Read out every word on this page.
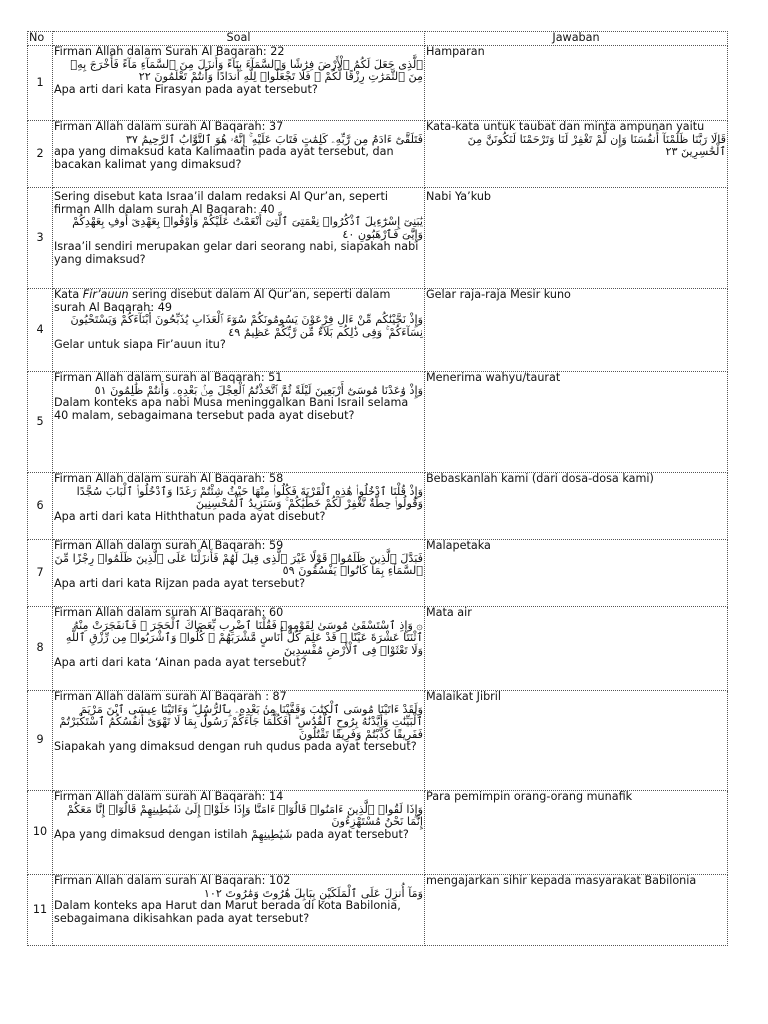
No	Soal	Jawaban
1	Firman Allah dalam Surah Al Baqarah: 22
ٱلَّذِى جَعَلَ لَكُمُ ٱلْأَرْضَ فِرَٰشًا وَٱلسَّمَآءَ بِنَآءً وَأَنزَلَ مِنَ ٱلسَّمَآءِ مَآءً فَأَخْرَجَ بِهِۦ مِنَ ٱلثَّمَرَٰتِ رِزْقًا لَّكُمْ ۖ فَلَا تَجْعَلُوا۟ لِلَّهِ أَندَادًا وَأَنتُمْ تَعْلَمُونَ ٢٢
Apa arti dari kata Firasyan pada ayat tersebut?	Hamparan

2	Firman Allah dalam surah Al Baqarah: 37
فَتَلَقَّىٰٓ ءَادَمُ مِن رَّبِّهِۦ كَلِمَٰتٍ فَتَابَ عَلَيْهِ ۚ إِنَّهُۥ هُوَ ٱلتَّوَّابُ ٱلرَّحِيمُ ٣٧
apa yang dimaksud kata Kalimaatin pada ayat tersebut, dan bacakan kalimat yang dimaksud?	Kata-kata untuk taubat dan minta ampunan yaitu
قَالَا رَبَّنَا ظَلَمْنَآ أَنفُسَنَا وَإِن لَّمْ تَغْفِرْ لَنَا وَتَرْحَمْنَا لَنَكُونَنَّ مِنَ ٱلْخَٰسِرِينَ ٢٣

3	Sering disebut kata Israa’il dalam redaksi Al Qur’an, seperti firman Allh dalam surah Al Baqarah: 40
يَٰبَنِىٓ إِسْرَٰٓءِيلَ ٱذْكُرُوا۟ نِعْمَتِىَ ٱلَّتِىٓ أَنْعَمْتُ عَلَيْكُمْ وَأَوْفُوا۟ بِعَهْدِىٓ أُوفِ بِعَهْدِكُمْ وَإِيَّٰىَ فَٱرْهَبُونِ ٤٠
Israa’il sendiri merupakan gelar dari seorang nabi, siapakah nabi yang dimaksud?	Nabi Ya’kub

4	Kata Fir’auun sering disebut dalam Al Qur’an, seperti dalam surah Al Baqarah: 49
وَإِذْ نَجَّيْنَٰكُم مِّنْ ءَالِ فِرْعَوْنَ يَسُومُونَكُمْ سُوٓءَ ٱلْعَذَابِ يُذَبِّحُونَ أَبْنَآءَكُمْ وَيَسْتَحْيُونَ نِسَآءَكُمْ ۚ وَفِى ذَٰلِكُم بَلَآءٌ مِّن رَّبِّكُمْ عَظِيمٌ ٤٩
Gelar untuk siapa Fir’auun itu?	Gelar raja-raja Mesir kuno

5	Firman Allah dalam surah al Baqarah: 51
وَإِذْ وَٰعَدْنَا مُوسَىٰٓ أَرْبَعِينَ لَيْلَةً ثُمَّ ٱتَّخَذْتُمُ ٱلْعِجْلَ مِنۢ بَعْدِهِۦ وَأَنتُمْ ظَٰلِمُونَ ٥١
Dalam konteks apa nabi Musa meninggalkan Bani Israil selama 40 malam, sebagaimana tersebut pada ayat disebut?	Menerima wahyu/taurat

6	Firman Allah dalam surah Al Baqarah: 58
وَإِذْ قُلْنَا ٱدْخُلُوا۟ هَٰذِهِ ٱلْقَرْيَةَ فَكُلُوا۟ مِنْهَا حَيْثُ شِئْتُمْ رَغَدًا وَٱدْخُلُوا۟ ٱلْبَابَ سُجَّدًا وَقُولُوا۟ حِطَّةٌ نَّغْفِرْ لَكُمْ خَطَٰيَٰكُمْ ۚ وَسَنَزِيدُ ٱلْمُحْسِنِينَ
Apa arti dari kata Hiththatun pada ayat disebut?	Bebaskanlah kami (dari dosa-dosa kami)

7	Firman Allah dalam surah Al Baqarah: 59
فَبَدَّلَ ٱلَّذِينَ ظَلَمُوا۟ قَوْلًا غَيْرَ ٱلَّذِى قِيلَ لَهُمْ فَأَنزَلْنَا عَلَى ٱلَّذِينَ ظَلَمُوا۟ رِجْزًا مِّنَ ٱلسَّمَآءِ بِمَا كَانُوا۟ يَفْسُقُونَ ٥٩
Apa arti dari kata Rijzan pada ayat tersebut?	Malapetaka

8	Firman Allah dalam surah Al Baqarah: 60
۞ وَإِذِ ٱسْتَسْقَىٰ مُوسَىٰ لِقَوْمِهِۦ فَقُلْنَا ٱضْرِب بِّعَصَاكَ ٱلْحَجَرَ ۖ فَٱنفَجَرَتْ مِنْهُ ٱثْنَتَا عَشْرَةَ عَيْنًا ۖ قَدْ عَلِمَ كُلُّ أُنَاسٍ مَّشْرَبَهُمْ ۖ كُلُوا۟ وَٱشْرَبُوا۟ مِن رِّزْقِ ٱللَّهِ وَلَا تَعْثَوْا۟ فِى ٱلْأَرْضِ مُفْسِدِينَ
Apa arti dari kata ‘Ainan pada ayat tersebut?	Mata air

9	Firman Allah dalam surah Al Baqarah : 87
وَلَقَدْ ءَاتَيْنَا مُوسَى ٱلْكِتَٰبَ وَقَفَّيْنَا مِنۢ بَعْدِهِۦ بِٱلرُّسُلِ ۖ وَءَاتَيْنَا عِيسَى ٱبْنَ مَرْيَمَ ٱلْبَيِّنَٰتِ وَأَيَّدْنَٰهُ بِرُوحِ ٱلْقُدُسِ ۗ أَفَكُلَّمَا جَآءَكُمْ رَسُولٌۢ بِمَا لَا تَهْوَىٰٓ أَنفُسُكُمُ ٱسْتَكْبَرْتُمْ فَفَرِيقًا كَذَّبْتُمْ وَفَرِيقًا تَقْتُلُونَ
Siapakah yang dimaksud dengan ruh qudus pada ayat tersebut?	Malaikat Jibril

10	Firman Allah dalam surah Al Baqarah: 14
وَإِذَا لَقُوا۟ ٱلَّذِينَ ءَامَنُوا۟ قَالُوٓا۟ ءَامَنَّا وَإِذَا خَلَوْا۟ إِلَىٰ شَيَٰطِينِهِمْ قَالُوٓا۟ إِنَّا مَعَكُمْ إِنَّمَا نَحْنُ مُسْتَهْزِءُونَ
Apa yang dimaksud dengan istilah شَيَٰطِينِهِمْ pada ayat tersebut?	Para pemimpin orang-orang munafik

11	Firman Allah dalam surah Al Baqarah: 102
وَمَآ أُنزِلَ عَلَى ٱلْمَلَكَيْنِ بِبَابِلَ هَٰرُوتَ وَمَٰرُوتَ ١٠٢
Dalam konteks apa Harut dan Marut berada di kota Babilonia, sebagaimana dikisahkan pada ayat tersebut?	mengajarkan sihir kepada masyarakat Babilonia
